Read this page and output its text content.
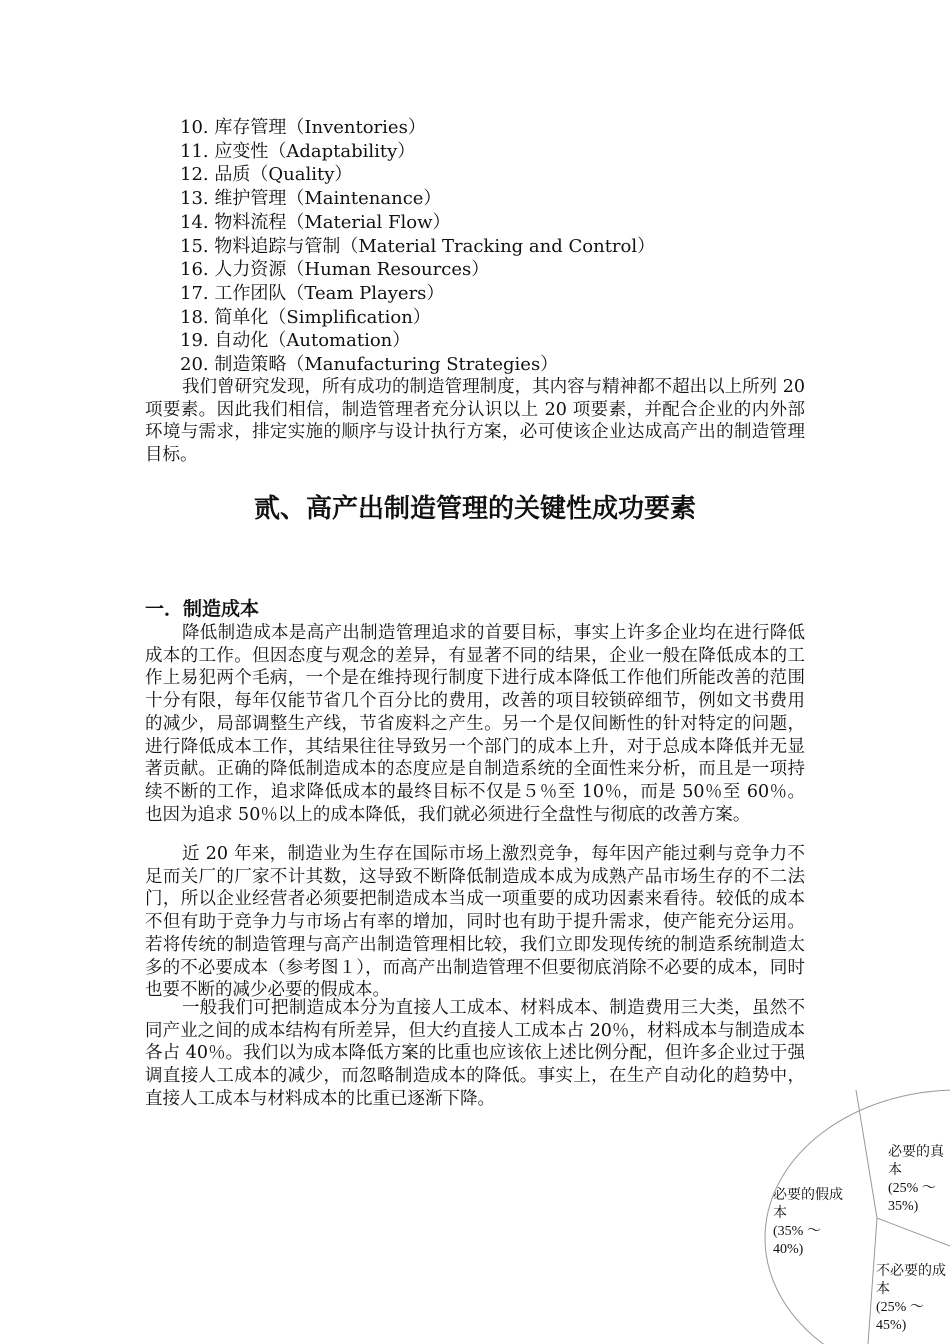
10. 库存管理（Inventories）
11. 应变性（Adaptability）
12. 品质（Quality）
13. 维护管理（Maintenance）
14. 物料流程（Material Flow）
15. 物料追踪与管制（Material Tracking and Control）
16. 人力资源（Human Resources）
17. 工作团队（Team Players）
18. 简单化（Simplification）
19. 自动化（Automation）
20. 制造策略（Manufacturing Strategies）

我们曾研究发现，所有成功的制造管理制度，其内容与精神都不超出以上所列 20 项要素。因此我们相信，制造管理者充分认识以上 20 项要素，并配合企业的内外部环境与需求，排定实施的顺序与设计执行方案，必可使该企业达成高产出的制造管理目标。

贰、高产出制造管理的关键性成功要素
一．制造成本

降低制造成本是高产出制造管理追求的首要目标，事实上许多企业均在进行降低成本的工作。但因态度与观念的差异，有显著不同的结果，企业一般在降低成本的工作上易犯两个毛病，一个是在维持现行制度下进行成本降低工作他们所能改善的范围十分有限，每年仅能节省几个百分比的费用，改善的项目较锁碎细节，例如文书费用的减少，局部调整生产线，节省废料之产生。另一个是仅间断性的针对特定的问题，进行降低成本工作，其结果往往导致另一个部门的成本上升，对于总成本降低并无显著贡献。正确的降低制造成本的态度应是自制造系统的全面性来分析，而且是一项持续不断的工作，追求降低成本的最终目标不仅是５％至 10％，而是 50％至 60％。也因为追求 50％以上的成本降低，我们就必须进行全盘性与彻底的改善方案。

近 20 年来，制造业为生存在国际市场上激烈竞争，每年因产能过剩与竞争力不足而关厂的厂家不计其数，这导致不断降低制造成本成为成熟产品市场生存的不二法门，所以企业经营者必须要把制造成本当成一项重要的成功因素来看待。较低的成本不但有助于竞争力与市场占有率的增加，同时也有助于提升需求，使产能充分运用。若将传统的制造管理与高产出制造管理相比较，我们立即发现传统的制造系统制造太多的不必要成本（参考图１），而高产出制造管理不但要彻底消除不必要的成本，同时也要不断的减少必要的假成本。

一般我们可把制造成本分为直接人工成本、材料成本、制造费用三大类，虽然不同产业之间的成本结构有所差异，但大约直接人工成本占 20％，材料成本与制造成本各占 40％。我们以为成本降低方案的比重也应该依上述比例分配，但许多企业过于强调直接人工成本的减少，而忽略制造成本的降低。事实上，在生产自动化的趋势中，直接人工成本与材料成本的比重已逐渐下降。

必要的真
本
(25% ～
35%)
必要的假成
本
(35% ～
40%)
不必要的成
本
(25% ～
45%)
